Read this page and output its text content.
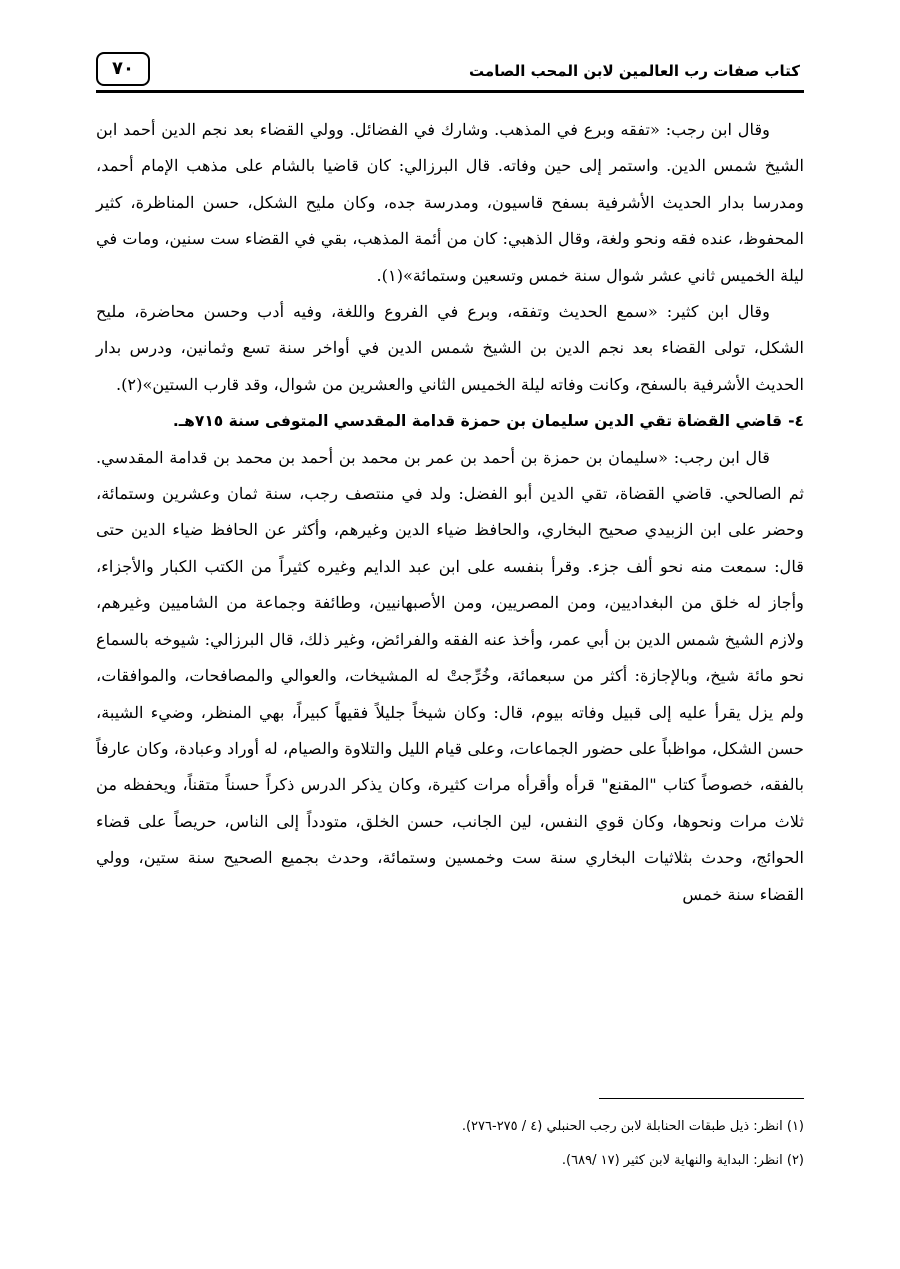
كتاب صفات رب العالمين لابن المحب الصامت
٧٠

وقال ابن رجب: «تفقه وبرع في المذهب. وشارك في الفضائل. وولي القضاء بعد نجم الدين أحمد ابن الشيخ شمس الدين. واستمر إلى حين وفاته. قال البرزالي: كان قاضيا بالشام على مذهب الإمام أحمد، ومدرسا بدار الحديث الأشرفية بسفح قاسيون، ومدرسة جده، وكان مليح الشكل، حسن المناظرة، كثير المحفوظ، عنده فقه ونحو ولغة، وقال الذهبي: كان من أئمة المذهب، بقي في القضاء ست سنين، ومات في ليلة الخميس ثاني عشر شوال سنة خمس وتسعين وستمائة»(١).

وقال ابن كثير: «سمع الحديث وتفقه، وبرع في الفروع واللغة، وفيه أدب وحسن محاضرة، مليح الشكل، تولى القضاء بعد نجم الدين بن الشيخ شمس الدين في أواخر سنة تسع وثمانين، ودرس بدار الحديث الأشرفية بالسفح، وكانت وفاته ليلة الخميس الثاني والعشرين من شوال، وقد قارب الستين»(٢).

٤-قاضي القضاة تقي الدين سليمان بن حمزة قدامة المقدسي المتوفى سنة ٧١٥هـ.

قال ابن رجب: «سليمان بن حمزة بن أحمد بن عمر بن محمد بن أحمد بن محمد بن قدامة المقدسي. ثم الصالحي. قاضي القضاة، تقي الدين أبو الفضل: ولد في منتصف رجب، سنة ثمان وعشرين وستمائة، وحضر على ابن الزبيدي صحيح البخاري، والحافظ ضياء الدين وغيرهم، وأكثر عن الحافظ ضياء الدين حتى قال: سمعت منه نحو ألف جزء. وقرأ بنفسه على ابن عبد الدايم وغيره كثيراً من الكتب الكبار والأجزاء، وأجاز له خلق من البغداديين، ومن المصريين، ومن الأصبهانيين، وطائفة وجماعة من الشاميين وغيرهم، ولازم الشيخ شمس الدين بن أبي عمر، وأخذ عنه الفقه والفرائض، وغير ذلك، قال البرزالي: شيوخه بالسماع نحو مائة شيخ، وبالإجازة: أكثر من سبعمائة، وخُرِّجتْ له المشيخات، والعوالي والمصافحات، والموافقات، ولم يزل يقرأ عليه إلى قبيل وفاته بيوم، قال: وكان شيخاً جليلاً فقيهاً كبيراً، بهي المنظر، وضيء الشيبة، حسن الشكل، مواظباً على حضور الجماعات، وعلى قيام الليل والتلاوة والصيام، له أوراد وعبادة، وكان عارفاً بالفقه، خصوصاً كتاب "المقنع" قرأه وأقرأه مرات كثيرة، وكان يذكر الدرس ذكراً حسناً متقناً، ويحفظه من ثلاث مرات ونحوها، وكان قوي النفس، لين الجانب، حسن الخلق، متودداً إلى الناس، حريصاً على قضاء الحوائج، وحدث بثلاثيات البخاري سنة ست وخمسين وستمائة، وحدث بجميع الصحيح سنة ستين، وولي القضاء سنة خمس

(١) انظر: ذيل طبقات الحنابلة لابن رجب الحنبلي (٤ / ٢٧٥-٢٧٦).
(٢) انظر: البداية والنهاية لابن كثير (١٧ /٦٨٩).
